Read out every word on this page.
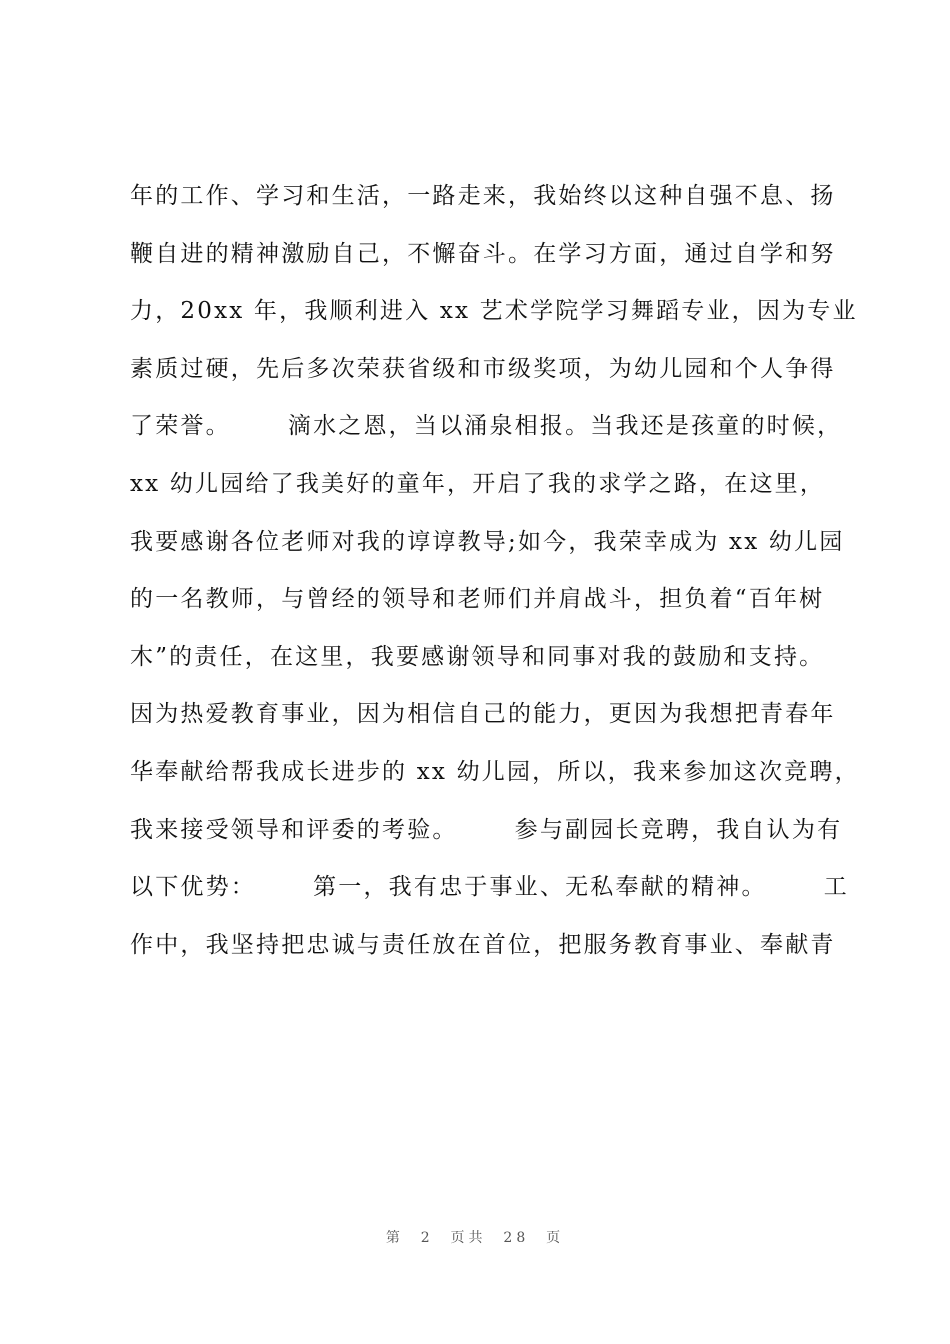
年的工作、学习和生活，一路走来，我始终以这种自强不息、扬
鞭自进的精神激励自己，不懈奋斗。在学习方面，通过自学和努
力，20xx 年，我顺利进入 xx 艺术学院学习舞蹈专业，因为专业
素质过硬，先后多次荣获省级和市级奖项，为幼儿园和个人争得
了荣誉。      滴水之恩，当以涌泉相报。当我还是孩童的时候，
xx 幼儿园给了我美好的童年，开启了我的求学之路，在这里，
我要感谢各位老师对我的谆谆教导;如今，我荣幸成为 xx 幼儿园
的一名教师，与曾经的领导和老师们并肩战斗，担负着“百年树
木”的责任，在这里，我要感谢领导和同事对我的鼓励和支持。
因为热爱教育事业，因为相信自己的能力，更因为我想把青春年
华奉献给帮我成长进步的 xx 幼儿园，所以，我来参加这次竞聘，
我来接受领导和评委的考验。      参与副园长竞聘，我自认为有
以下优势：      第一，我有忠于事业、无私奉献的精神。      工
作中，我坚持把忠诚与责任放在首位，把服务教育事业、奉献青
第  2  页共  28  页
